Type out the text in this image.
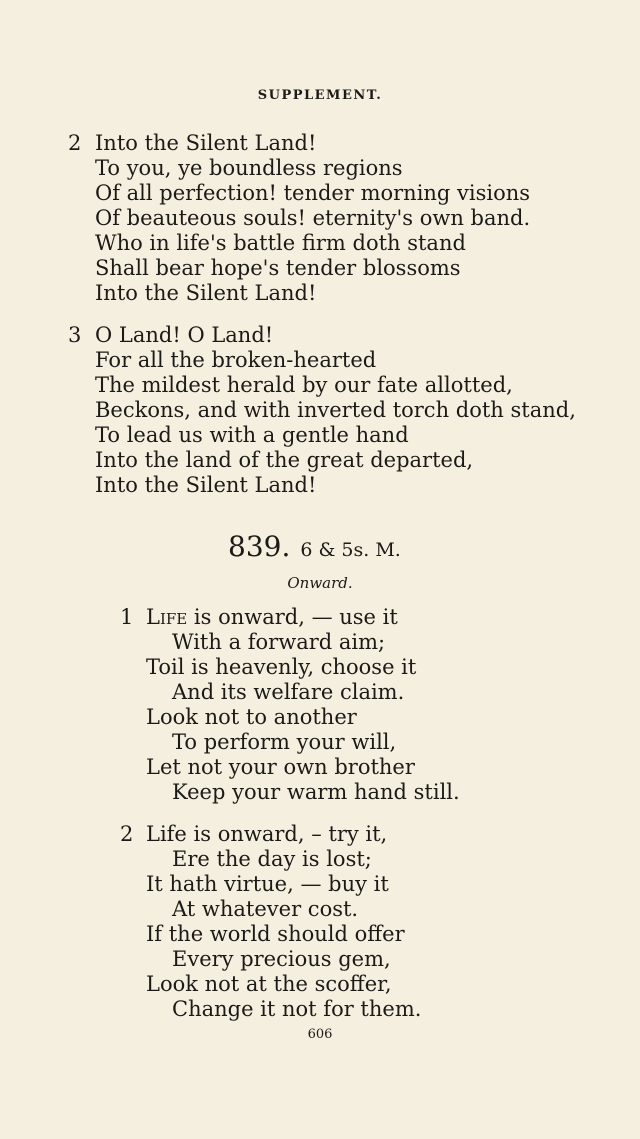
SUPPLEMENT.
2 Into the Silent Land!
To you, ye boundless regions
Of all perfection! tender morning visions
Of beauteous souls! eternity's own band.
Who in life's battle firm doth stand
Shall bear hope's tender blossoms
Into the Silent Land!
3 O Land! O Land!
For all the broken-hearted
The mildest herald by our fate allotted,
Beckons, and with inverted torch doth stand,
To lead us with a gentle hand
Into the land of the great departed,
Into the Silent Land!
839. 6 & 5s. M.
Onward.
1 Life is onward, — use it
With a forward aim;
Toil is heavenly, choose it
And its welfare claim.
Look not to another
To perform your will,
Let not your own brother
Keep your warm hand still.
2 Life is onward, – try it,
Ere the day is lost;
It hath virtue, — buy it
At whatever cost.
If the world should offer
Every precious gem,
Look not at the scoffer,
Change it not for them.
606
